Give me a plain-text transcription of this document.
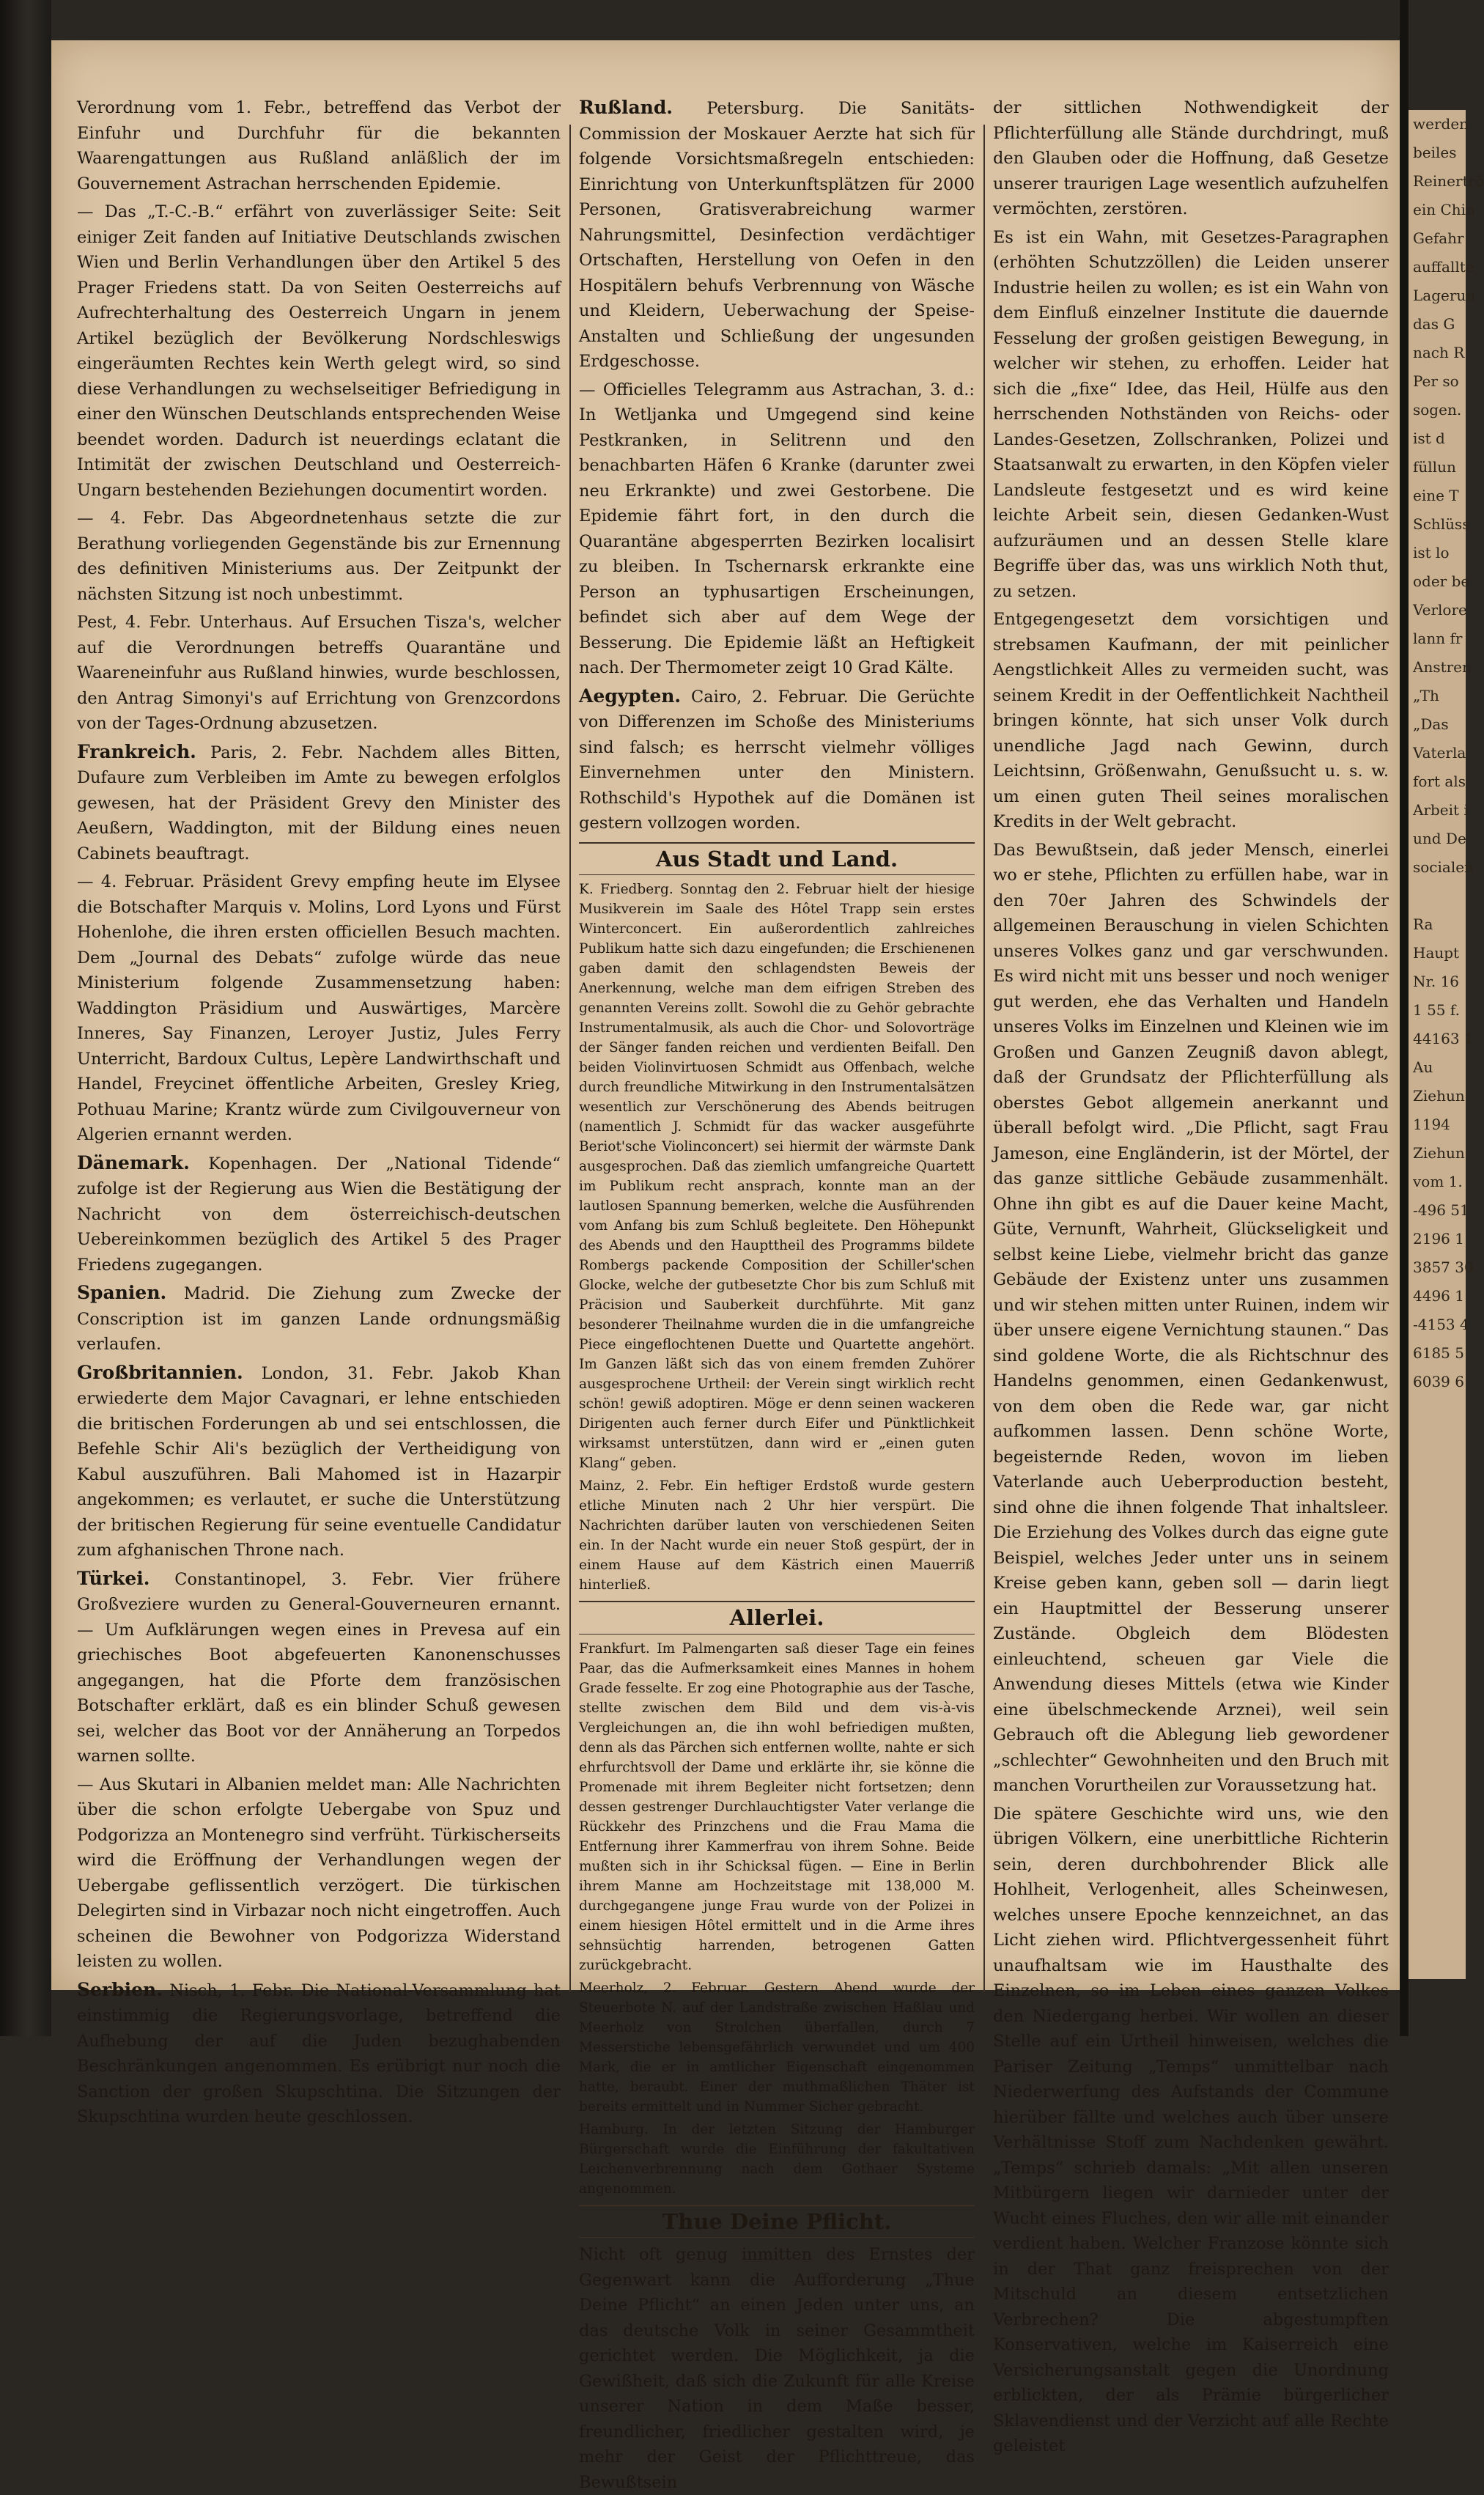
Verordnung vom 1. Febr., betreffend das Verbot der Einfuhr und Durchfuhr für die bekannten Waarengattungen aus Rußland anläßlich der im Gouvernement Astrachan herrschenden Epidemie.

— Das „T.-C.-B.“ erfährt von zuverlässiger Seite: Seit einiger Zeit fanden auf Initiative Deutschlands zwischen Wien und Berlin Verhandlungen über den Artikel 5 des Prager Friedens statt. Da von Seiten Oesterreichs auf Aufrechterhaltung des Oesterreich Ungarn in jenem Artikel bezüglich der Bevölkerung Nordschleswigs eingeräumten Rechtes kein Werth gelegt wird, so sind diese Verhandlungen zu wechselseitiger Befriedigung in einer den Wünschen Deutschlands entsprechenden Weise beendet worden. Dadurch ist neuerdings eclatant die Intimität der zwischen Deutschland und Oesterreich-Ungarn bestehenden Beziehungen documentirt worden.

— 4. Febr. Das Abgeordnetenhaus setzte die zur Berathung vorliegenden Gegenstände bis zur Ernennung des definitiven Ministeriums aus. Der Zeitpunkt der nächsten Sitzung ist noch unbestimmt.

Pest, 4. Febr. Unterhaus. Auf Ersuchen Tisza's, welcher auf die Verordnungen betreffs Quarantäne und Waareneinfuhr aus Rußland hinwies, wurde beschlossen, den Antrag Simonyi's auf Errichtung von Grenzcordons von der Tages-Ordnung abzusetzen.

Frankreich. Paris, 2. Febr. Nachdem alles Bitten, Dufaure zum Verbleiben im Amte zu bewegen erfolglos gewesen, hat der Präsident Grevy den Minister des Aeußern, Waddington, mit der Bildung eines neuen Cabinets beauftragt.

— 4. Februar. Präsident Grevy empfing heute im Elysee die Botschafter Marquis v. Molins, Lord Lyons und Fürst Hohenlohe, die ihren ersten officiellen Besuch machten. Dem „Journal des Debats“ zufolge würde das neue Ministerium folgende Zusammensetzung haben: Waddington Präsidium und Auswärtiges, Marcère Inneres, Say Finanzen, Leroyer Justiz, Jules Ferry Unterricht, Bardoux Cultus, Lepère Landwirthschaft und Handel, Freycinet öffentliche Arbeiten, Gresley Krieg, Pothuau Marine; Krantz würde zum Civilgouverneur von Algerien ernannt werden.

Dänemark. Kopenhagen. Der „National Tidende“ zufolge ist der Regierung aus Wien die Bestätigung der Nachricht von dem österreichisch-deutschen Uebereinkommen bezüglich des Artikel 5 des Prager Friedens zugegangen.

Spanien. Madrid. Die Ziehung zum Zwecke der Conscription ist im ganzen Lande ordnungsmäßig verlaufen.

Großbritannien. London, 31. Febr. Jakob Khan erwiederte dem Major Cavagnari, er lehne entschieden die britischen Forderungen ab und sei entschlossen, die Befehle Schir Ali's bezüglich der Vertheidigung von Kabul auszuführen. Bali Mahomed ist in Hazarpir angekommen; es verlautet, er suche die Unterstützung der britischen Regierung für seine eventuelle Candidatur zum afghanischen Throne nach.

Türkei. Constantinopel, 3. Febr. Vier frühere Großveziere wurden zu General-Gouverneuren ernannt. — Um Aufklärungen wegen eines in Prevesa auf ein griechisches Boot abgefeuerten Kanonenschusses angegangen, hat die Pforte dem französischen Botschafter erklärt, daß es ein blinder Schuß gewesen sei, welcher das Boot vor der Annäherung an Torpedos warnen sollte.

— Aus Skutari in Albanien meldet man: Alle Nachrichten über die schon erfolgte Uebergabe von Spuz und Podgorizza an Montenegro sind verfrüht. Türkischerseits wird die Eröffnung der Verhandlungen wegen der Uebergabe geflissentlich verzögert. Die türkischen Delegirten sind in Virbazar noch nicht eingetroffen. Auch scheinen die Bewohner von Podgorizza Widerstand leisten zu wollen.

Serbien. Nisch, 1. Febr. Die National-Versammlung hat einstimmig die Regierungsvorlage, betreffend die Aufhebung der auf die Juden bezughabenden Beschränkungen angenommen. Es erübrigt nur noch die Sanction der großen Skupschtina. Die Sitzungen der Skupschtina wurden heute geschlossen.

Rußland. Petersburg. Die Sanitäts-Commission der Moskauer Aerzte hat sich für folgende Vorsichtsmaßregeln entschieden: Einrichtung von Unterkunftsplätzen für 2000 Personen, Gratisverabreichung warmer Nahrungsmittel, Desinfection verdächtiger Ortschaften, Herstellung von Oefen in den Hospitälern behufs Verbrennung von Wäsche und Kleidern, Ueberwachung der Speise-Anstalten und Schließung der ungesunden Erdgeschosse.

— Officielles Telegramm aus Astrachan, 3. d.: In Wetljanka und Umgegend sind keine Pestkranken, in Selitrenn und den benachbarten Häfen 6 Kranke (darunter zwei neu Erkrankte) und zwei Gestorbene. Die Epidemie fährt fort, in den durch die Quarantäne abgesperrten Bezirken localisirt zu bleiben. In Tschernarsk erkrankte eine Person an typhusartigen Erscheinungen, befindet sich aber auf dem Wege der Besserung. Die Epidemie läßt an Heftigkeit nach. Der Thermometer zeigt 10 Grad Kälte.

Aegypten. Cairo, 2. Februar. Die Gerüchte von Differenzen im Schoße des Ministeriums sind falsch; es herrscht vielmehr völliges Einvernehmen unter den Ministern. Rothschild's Hypothek auf die Domänen ist gestern vollzogen worden.

Aus Stadt und Land.

K. Friedberg. Sonntag den 2. Februar hielt der hiesige Musikverein im Saale des Hôtel Trapp sein erstes Winterconcert. Ein außerordentlich zahlreiches Publikum hatte sich dazu eingefunden; die Erschienenen gaben damit den schlagendsten Beweis der Anerkennung, welche man dem eifrigen Streben des genannten Vereins zollt. Sowohl die zu Gehör gebrachte Instrumentalmusik, als auch die Chor- und Solovorträge der Sänger fanden reichen und verdienten Beifall. Den beiden Violinvirtuosen Schmidt aus Offenbach, welche durch freundliche Mitwirkung in den Instrumentalsätzen wesentlich zur Verschönerung des Abends beitrugen (namentlich J. Schmidt für das wacker ausgeführte Beriot'sche Violinconcert) sei hiermit der wärmste Dank ausgesprochen. Daß das ziemlich umfangreiche Quartett im Publikum recht ansprach, konnte man an der lautlosen Spannung bemerken, welche die Ausführenden vom Anfang bis zum Schluß begleitete. Den Höhepunkt des Abends und den Haupttheil des Programms bildete Rombergs packende Composition der Schiller'schen Glocke, welche der gutbesetzte Chor bis zum Schluß mit Präcision und Sauberkeit durchführte. Mit ganz besonderer Theilnahme wurden die in die umfangreiche Piece eingeflochtenen Duette und Quartette angehört. Im Ganzen läßt sich das von einem fremden Zuhörer ausgesprochene Urtheil: der Verein singt wirklich recht schön! gewiß adoptiren. Möge er denn seinen wackeren Dirigenten auch ferner durch Eifer und Pünktlichkeit wirksamst unterstützen, dann wird er „einen guten Klang“ geben.

Mainz, 2. Febr. Ein heftiger Erdstoß wurde gestern etliche Minuten nach 2 Uhr hier verspürt. Die Nachrichten darüber lauten von verschiedenen Seiten ein. In der Nacht wurde ein neuer Stoß gespürt, der in einem Hause auf dem Kästrich einen Mauerriß hinterließ.

Allerlei.

Frankfurt. Im Palmengarten saß dieser Tage ein feines Paar, das die Aufmerksamkeit eines Mannes in hohem Grade fesselte. Er zog eine Photographie aus der Tasche, stellte zwischen dem Bild und dem vis-à-vis Vergleichungen an, die ihn wohl befriedigen mußten, denn als das Pärchen sich entfernen wollte, nahte er sich ehrfurchtsvoll der Dame und erklärte ihr, sie könne die Promenade mit ihrem Begleiter nicht fortsetzen; denn dessen gestrenger Durchlauchtigster Vater verlange die Rückkehr des Prinzchens und die Frau Mama die Entfernung ihrer Kammerfrau von ihrem Sohne. Beide mußten sich in ihr Schicksal fügen. — Eine in Berlin ihrem Manne am Hochzeitstage mit 138,000 M. durchgegangene junge Frau wurde von der Polizei in einem hiesigen Hôtel ermittelt und in die Arme ihres sehnsüchtig harrenden, betrogenen Gatten zurückgebracht.

Meerholz, 2. Februar. Gestern Abend wurde der Steuerbote N. auf der Landstraße zwischen Haßlau und Meerholz von Strolchen überfallen, durch 7 Messerstiche lebensgefährlich verwundet und um 400 Mark, die er in amtlicher Eigenschaft eingenommen hatte, beraubt. Einer der muthmaßlichen Thäter ist bereits ermittelt und in Nummer Sicher gebracht.

Hamburg. In der letzten Sitzung der Hamburger Bürgerschaft wurde die Einführung der fakultativen Leichenverbrennung nach dem Gothaer Systeme angenommen.

Thue Deine Pflicht.

Nicht oft genug inmitten des Ernstes der Gegenwart kann die Aufforderung „Thue Deine Pflicht“ an einen Jeden unter uns, an das deutsche Volk in seiner Gesammtheit gerichtet werden. Die Möglichkeit, ja die Gewißheit, daß sich die Zukunft für alle Kreise unserer Nation in dem Maße besser, freundlicher, friedlicher gestalten wird, je mehr der Geist der Pflichttreue, das Bewußtsein

der sittlichen Nothwendigkeit der Pflichterfüllung alle Stände durchdringt, muß den Glauben oder die Hoffnung, daß Gesetze unserer traurigen Lage wesentlich aufzuhelfen vermöchten, zerstören.

Es ist ein Wahn, mit Gesetzes-Paragraphen (erhöhten Schutzzöllen) die Leiden unserer Industrie heilen zu wollen; es ist ein Wahn von dem Einfluß einzelner Institute die dauernde Fesselung der großen geistigen Bewegung, in welcher wir stehen, zu erhoffen. Leider hat sich die „fixe“ Idee, das Heil, Hülfe aus den herrschenden Nothständen von Reichs- oder Landes-Gesetzen, Zollschranken, Polizei und Staatsanwalt zu erwarten, in den Köpfen vieler Landsleute festgesetzt und es wird keine leichte Arbeit sein, diesen Gedanken-Wust aufzuräumen und an dessen Stelle klare Begriffe über das, was uns wirklich Noth thut, zu setzen.

Entgegengesetzt dem vorsichtigen und strebsamen Kaufmann, der mit peinlicher Aengstlichkeit Alles zu vermeiden sucht, was seinem Kredit in der Oeffentlichkeit Nachtheil bringen könnte, hat sich unser Volk durch unendliche Jagd nach Gewinn, durch Leichtsinn, Größenwahn, Genußsucht u. s. w. um einen guten Theil seines moralischen Kredits in der Welt gebracht.

Das Bewußtsein, daß jeder Mensch, einerlei wo er stehe, Pflichten zu erfüllen habe, war in den 70er Jahren des Schwindels der allgemeinen Berauschung in vielen Schichten unseres Volkes ganz und gar verschwunden. Es wird nicht mit uns besser und noch weniger gut werden, ehe das Verhalten und Handeln unseres Volks im Einzelnen und Kleinen wie im Großen und Ganzen Zeugniß davon ablegt, daß der Grundsatz der Pflichterfüllung als oberstes Gebot allgemein anerkannt und überall befolgt wird. „Die Pflicht, sagt Frau Jameson, eine Engländerin, ist der Mörtel, der das ganze sittliche Gebäude zusammenhält. Ohne ihn gibt es auf die Dauer keine Macht, Güte, Vernunft, Wahrheit, Glückseligkeit und selbst keine Liebe, vielmehr bricht das ganze Gebäude der Existenz unter uns zusammen und wir stehen mitten unter Ruinen, indem wir über unsere eigene Vernichtung staunen.“ Das sind goldene Worte, die als Richtschnur des Handelns genommen, einen Gedankenwust, von dem oben die Rede war, gar nicht aufkommen lassen. Denn schöne Worte, begeisternde Reden, wovon im lieben Vaterlande auch Ueberproduction besteht, sind ohne die ihnen folgende That inhaltsleer. Die Erziehung des Volkes durch das eigne gute Beispiel, welches Jeder unter uns in seinem Kreise geben kann, geben soll — darin liegt ein Hauptmittel der Besserung unserer Zustände. Obgleich dem Blödesten einleuchtend, scheuen gar Viele die Anwendung dieses Mittels (etwa wie Kinder eine übelschmeckende Arznei), weil sein Gebrauch oft die Ablegung lieb gewordener „schlechter“ Gewohnheiten und den Bruch mit manchen Vorurtheilen zur Voraussetzung hat.

Die spätere Geschichte wird uns, wie den übrigen Völkern, eine unerbittliche Richterin sein, deren durchbohrender Blick alle Hohlheit, Verlogenheit, alles Scheinwesen, welches unsere Epoche kennzeichnet, an das Licht ziehen wird. Pflichtvergessenheit führt unaufhaltsam wie im Hausthalte des Einzelnen, so im Leben eines ganzen Volkes den Niedergang herbei. Wir wollen an dieser Stelle auf ein Urtheil hinweisen, welches die Pariser Zeitung „Temps“ unmittelbar nach Niederwerfung des Aufstands der Commune hierüber fällte und welches auch über unsere Verhältnisse Stoff zum Nachdenken gewährt. „Temps“ schrieb damals: „Mit allen unseren Mitbürgern liegen wir darnieder unter der Wucht eines Fluches, den wir alle mit einander verdient haben. Welcher Franzose könnte sich in der That ganz freisprechen von der Mitschuld an diesem entsetzlichen Verbrechen? Die abgestumpften Konservativen, welche im Kaiserreich eine Versicherungsanstalt gegen die Unordnung erblickten, der als Prämie bürgerlicher Sklavendienst und der Verzicht auf alle Rechte geleistet

werden
beiles
Reinertrö
ein Chin
Gefahr
auffallte
Lagerun
das G
nach R
Per so
sogen.
ist d
füllun
eine T
Schlüss
ist lo
oder be
Verlore
lann fr
Anstren
„Th
„Das
Vaterla
fort als
Arbeit i
und De
socialen

Ra
Haupt
Nr. 16
1 55 f.
44163 1
Au
Ziehun
1194
Ziehun
vom 1.
-496 51
2196 1
3857 30
4496 1
-4153 4
6185 5
6039 6
